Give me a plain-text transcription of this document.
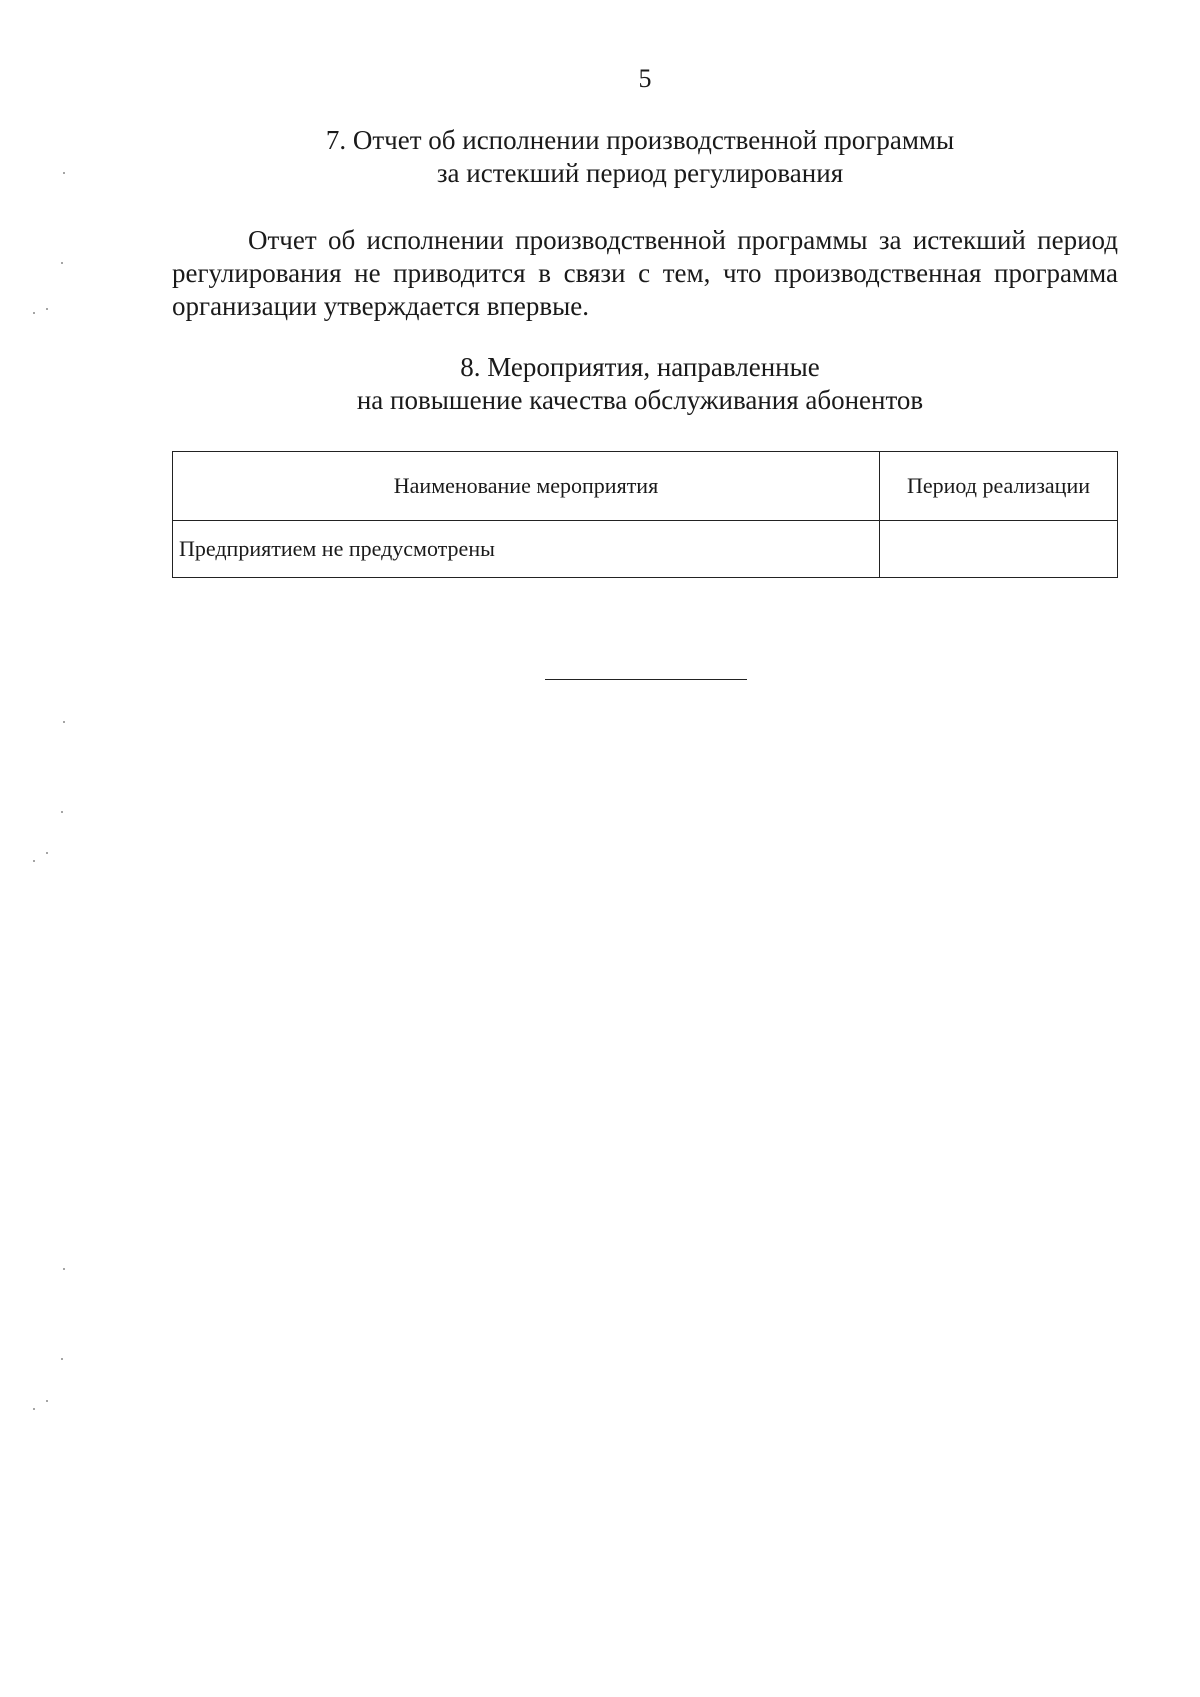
5
7. Отчет об исполнении производственной программы
за истекший период регулирования
Отчет об исполнении производственной программы за истекший период регулирования не приводится в связи с тем, что производственная программа организации утверждается впервые.
8. Мероприятия, направленные
на повышение качества обслуживания абонентов
Наименование мероприятия	Период реализации
Предприятием не предусмотрены	
